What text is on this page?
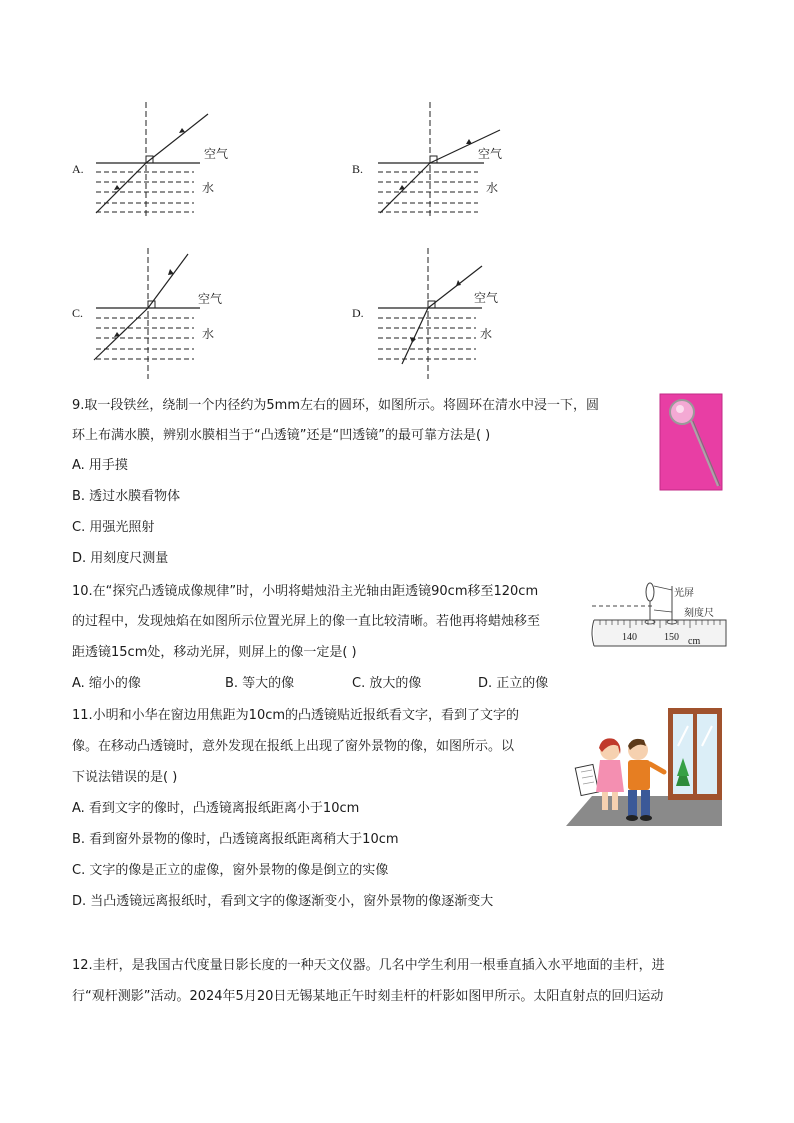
A.
空气
水
B.
空气
水
C.
空气
水
D.
空气
水
9.取一段铁丝，绕制一个内径约为5mm左右的圆环，如图所示。将圆环在清水中浸一下，圆
环上布满水膜，辨别水膜相当于“凸透镜”还是“凹透镜”的最可靠方法是( )
A. 用手摸
B. 透过水膜看物体
C. 用强光照射
D. 用刻度尺测量
10.在“探究凸透镜成像规律”时，小明将蜡烛沿主光轴由距透镜90cm移至120cm
的过程中，发现烛焰在如图所示位置光屏上的像一直比较清晰。若他再将蜡烛移至
距透镜15cm处，移动光屏，则屏上的像一定是( )
A. 缩小的像	B. 等大的像	C. 放大的像	D. 正立的像
光屏
刻度尺
140	150 cm
11.小明和小华在窗边用焦距为10cm的凸透镜贴近报纸看文字，看到了文字的
像。在移动凸透镜时，意外发现在报纸上出现了窗外景物的像，如图所示。以
下说法错误的是( )
A. 看到文字的像时，凸透镜离报纸距离小于10cm
B. 看到窗外景物的像时，凸透镜离报纸距离稍大于10cm
C. 文字的像是正立的虚像，窗外景物的像是倒立的实像
D. 当凸透镜远离报纸时，看到文字的像逐渐变小，窗外景物的像逐渐变大
12.圭杆，是我国古代度量日影长度的一种天文仪器。几名中学生利用一根垂直插入水平地面的圭杆，进
行“观杆测影”活动。2024年5月20日无锡某地正午时刻圭杆的杆影如图甲所示。太阳直射点的回归运动
